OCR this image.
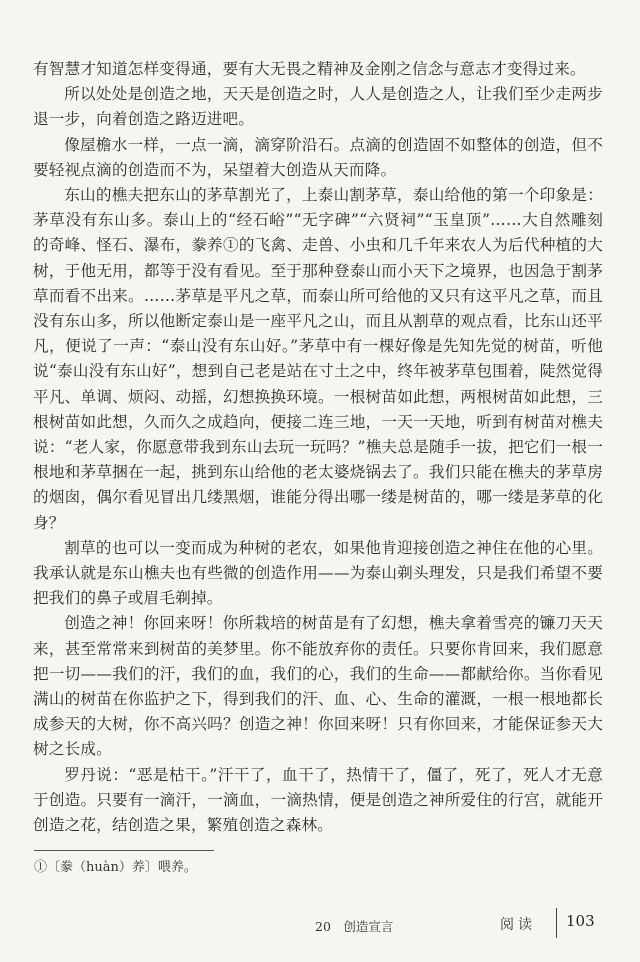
有智慧才知道怎样变得通，要有大无畏之精神及金刚之信念与意志才变得过来。

所以处处是创造之地，天天是创造之时，人人是创造之人，让我们至少走两步退一步，向着创造之路迈进吧。

像屋檐水一样，一点一滴，滴穿阶沿石。点滴的创造固不如整体的创造，但不要轻视点滴的创造而不为，呆望着大创造从天而降。

东山的樵夫把东山的茅草割光了，上泰山割茅草，泰山给他的第一个印象是：茅草没有东山多。泰山上的“经石峪”“无字碑”“六贤祠”“玉皇顶”……大自然雕刻的奇峰、怪石、瀑布，豢养①的飞禽、走兽、小虫和几千年来农人为后代种植的大树，于他无用，都等于没有看见。至于那种登泰山而小天下之境界，也因急于割茅草而看不出来。……茅草是平凡之草，而泰山所可给他的又只有这平凡之草，而且没有东山多，所以他断定泰山是一座平凡之山，而且从割草的观点看，比东山还平凡，便说了一声：“泰山没有东山好。”茅草中有一棵好像是先知先觉的树苗，听他说“泰山没有东山好”，想到自己老是站在寸土之中，终年被茅草包围着，陡然觉得平凡、单调、烦闷、动摇，幻想换换环境。一根树苗如此想，两根树苗如此想，三根树苗如此想，久而久之成趋向，便接二连三地，一天一天地，听到有树苗对樵夫说：“老人家，你愿意带我到东山去玩一玩吗？”樵夫总是随手一拔，把它们一根一根地和茅草捆在一起，挑到东山给他的老太婆烧锅去了。我们只能在樵夫的茅草房的烟囱，偶尔看见冒出几缕黑烟，谁能分得出哪一缕是树苗的，哪一缕是茅草的化身？

割草的也可以一变而成为种树的老农，如果他肯迎接创造之神住在他的心里。我承认就是东山樵夫也有些微的创造作用——为泰山剃头理发，只是我们希望不要把我们的鼻子或眉毛剃掉。

创造之神！你回来呀！你所栽培的树苗是有了幻想，樵夫拿着雪亮的镰刀天天来，甚至常常来到树苗的美梦里。你不能放弃你的责任。只要你肯回来，我们愿意把一切——我们的汗，我们的血，我们的心，我们的生命——都献给你。当你看见满山的树苗在你监护之下，得到我们的汗、血、心、生命的灌溉，一根一根地都长成参天的大树，你不高兴吗？创造之神！你回来呀！只有你回来，才能保证参天大树之长成。

罗丹说：“恶是枯干。”汗干了，血干了，热情干了，僵了，死了，死人才无意于创造。只要有一滴汗，一滴血，一滴热情，便是创造之神所爱住的行宫，就能开创造之花，结创造之果，繁殖创造之森林。

①〔豢（huàn）养〕喂养。
20　创造宣言	阅读 103
